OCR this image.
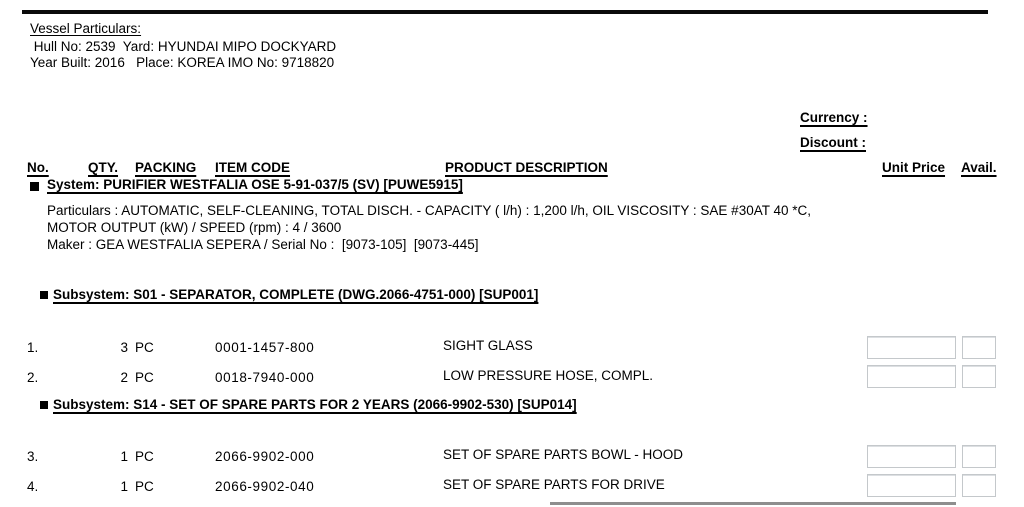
Vessel Particulars:
Hull No: 2539  Yard: HYUNDAI MIPO DOCKYARD
Year Built: 2016   Place: KOREA IMO No: 9718820
Currency :
Discount :
No.	QTY. PACKING ITEM CODE	PRODUCT DESCRIPTION	Unit Price Avail.
System: PURIFIER WESTFALIA OSE 5-91-037/5 (SV) [PUWE5915]
Particulars : AUTOMATIC, SELF-CLEANING, TOTAL DISCH. - CAPACITY ( l/h) : 1,200 l/h, OIL VISCOSITY : SAE #30AT 40 *C,
MOTOR OUTPUT (kW) / SPEED (rpm) : 4 / 3600
Maker : GEA WESTFALIA SEPERA / Serial No :  [9073-105]  [9073-445]
Subsystem: S01 - SEPARATOR, COMPLETE (DWG.2066-4751-000) [SUP001]
1.	3 PC	0001-1457-800	SIGHT GLASS
2.	2 PC	0018-7940-000	LOW PRESSURE HOSE, COMPL.
Subsystem: S14 - SET OF SPARE PARTS FOR 2 YEARS (2066-9902-530) [SUP014]
3.	1 PC	2066-9902-000	SET OF SPARE PARTS BOWL - HOOD
4.	1 PC	2066-9902-040	SET OF SPARE PARTS FOR DRIVE
